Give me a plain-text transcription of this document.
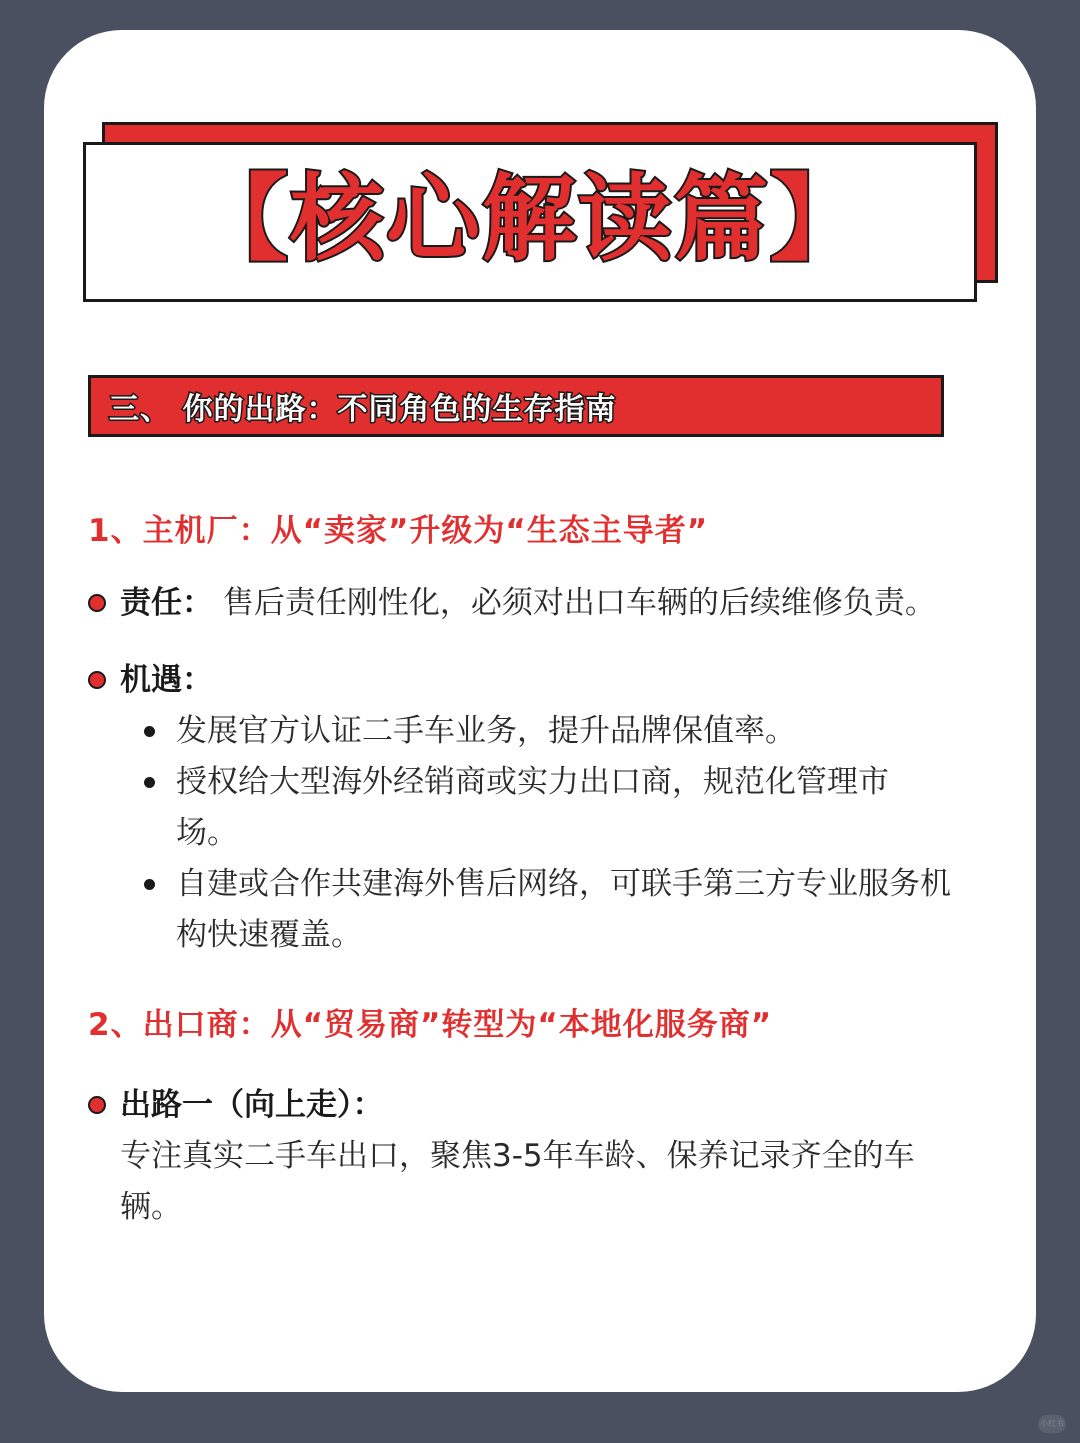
【核心解读篇】
三、 你的出路：不同角色的生存指南
1、主机厂：从“卖家”升级为“生态主导者”
责任： 售后责任刚性化，必须对出口车辆的后续维修负责。
机遇：
发展官方认证二手车业务，提升品牌保值率。
授权给大型海外经销商或实力出口商，规范化管理市场。
自建或合作共建海外售后网络，可联手第三方专业服务机构快速覆盖。
2、出口商：从“贸易商”转型为“本地化服务商”
出路一（向上走）：
专注真实二手车出口，聚焦3-5年车龄、保养记录齐全的车辆。
小红书
